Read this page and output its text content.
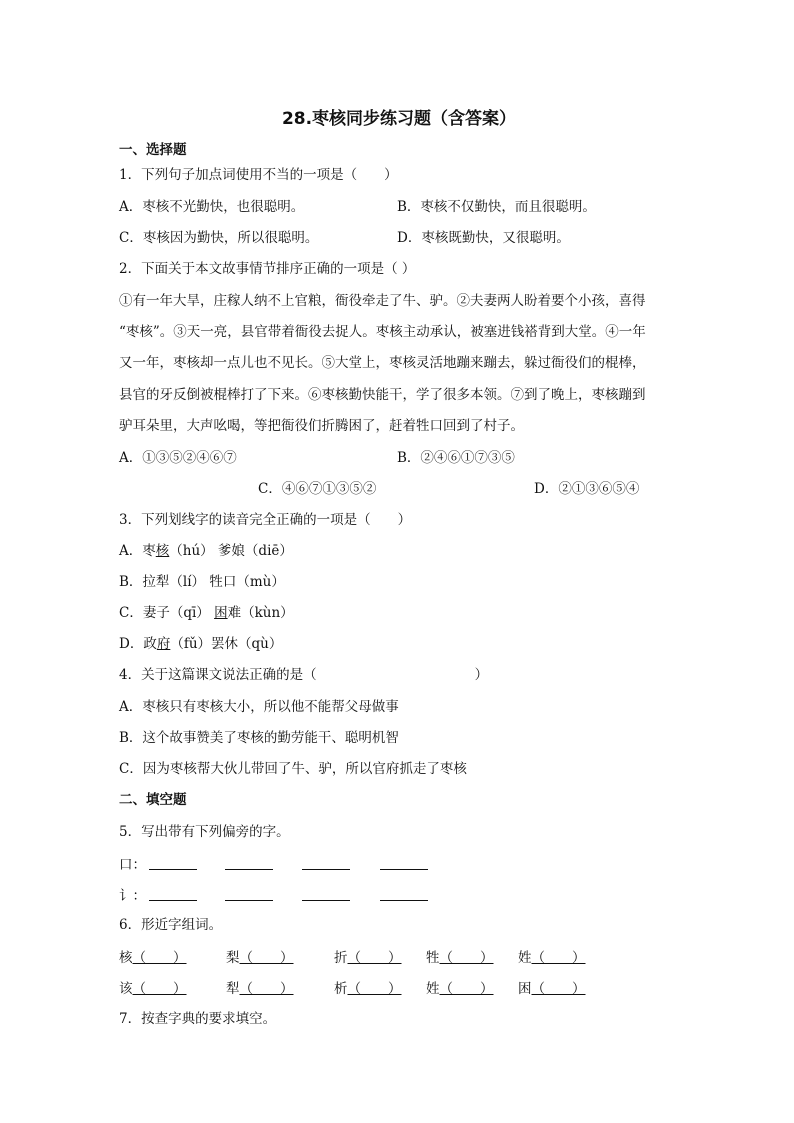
28.枣核同步练习题（含答案）
一、选择题
1．下列句子加点词使用不当的一项是（　　）
A．枣核不光勤快，也很聪明。	B．枣核不仅勤快，而且很聪明。
C．枣核因为勤快，所以很聪明。	D．枣核既勤快，又很聪明。
2．下面关于本文故事情节排序正确的一项是（ ）
①有一年大旱，庄稼人纳不上官粮，衙役牵走了牛、驴。②夫妻两人盼着要个小孩，喜得
“枣核”。③天一亮，县官带着衙役去捉人。枣核主动承认，被塞进钱褡背到大堂。④一年
又一年，枣核却一点儿也不见长。⑤大堂上，枣核灵活地蹦来蹦去，躲过衙役们的棍棒，
县官的牙反倒被棍棒打了下来。⑥枣核勤快能干，学了很多本领。⑦到了晚上，枣核蹦到
驴耳朵里，大声吆喝，等把衙役们折腾困了，赶着牲口回到了村子。
A．①③⑤②④⑥⑦	B．②④⑥①⑦③⑤
C．④⑥⑦①③⑤②	D．②①③⑥⑤④
3．下列划线字的读音完全正确的一项是（　　）
A．枣核（hú） 爹娘（diē）
B．拉犁（lí） 牲口（mù）
C．妻子（qī） 困难（kùn）
D．政府（fǔ）罢休（qù）
4．关于这篇课文说法正确的是（	）
A．枣核只有枣核大小，所以他不能帮父母做事
B．这个故事赞美了枣核的勤劳能干、聪明机智
C．因为枣核帮大伙儿带回了牛、驴，所以官府抓走了枣核
二、填空题
5．写出带有下列偏旁的字。
口：
讠：
6．形近字组词。
核（　　）	梨（　　）	折（　　） 牲（　　） 姓（　　）
该（　　）	犁（　　）	析（　　） 姓（　　） 困（　　）
7．按查字典的要求填空。
